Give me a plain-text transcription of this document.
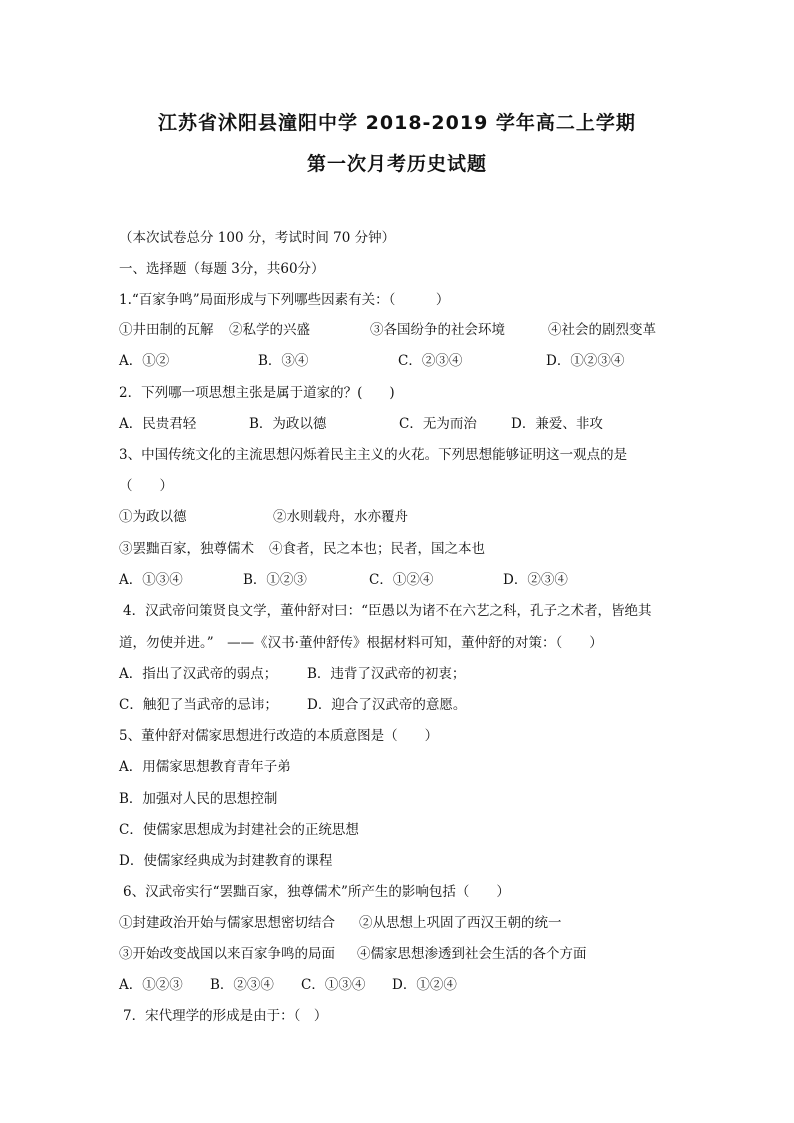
江苏省沭阳县潼阳中学 2018-2019 学年高二上学期
第一次月考历史试题
（本次试卷总分 100 分，考试时间 70 分钟）
一、选择题（每题 3分，共60分）
1.“百家争鸣”局面形成与下列哪些因素有关：（　　　）
①井田制的瓦解 ②私学的兴盛	③各国纷争的社会环境	④社会的剧烈变革
A．①②	B．③④	C．②③④	D．①②③④
2．下列哪一项思想主张是属于道家的？(　　)
A．民贵君轻	B．为政以德	C．无为而治	D．兼爱、非攻
3、中国传统文化的主流思想闪烁着民主主义的火花。下列思想能够证明这一观点的是
（　　）
①为政以德	②水则载舟，水亦覆舟
③罢黜百家，独尊儒术 ④食者，民之本也；民者，国之本也
A．①③④	B．①②③	C．①②④	D．②③④
4．汉武帝问策贤良文学，董仲舒对曰：“臣愚以为诸不在六艺之科，孔子之术者，皆绝其
道，勿使并进。”　——《汉书·董仲舒传》根据材料可知，董仲舒的对策：（　　）
A．指出了汉武帝的弱点； B．违背了汉武帝的初衷；
C．触犯了当武帝的忌讳； D．迎合了汉武帝的意愿。
5、董仲舒对儒家思想进行改造的本质意图是（　　）
A．用儒家思想教育青年子弟
B．加强对人民的思想控制
C．使儒家思想成为封建社会的正统思想
D．使儒家经典成为封建教育的课程
6、汉武帝实行“罢黜百家，独尊儒术”所产生的影响包括（　　）
①封建政治开始与儒家思想密切结合 ②从思想上巩固了西汉王朝的统一
③开始改变战国以来百家争鸣的局面 ④儒家思想渗透到社会生活的各个方面
A．①②③ B．②③④ C．①③④ D．①②④
7．宋代理学的形成是由于：（　）
